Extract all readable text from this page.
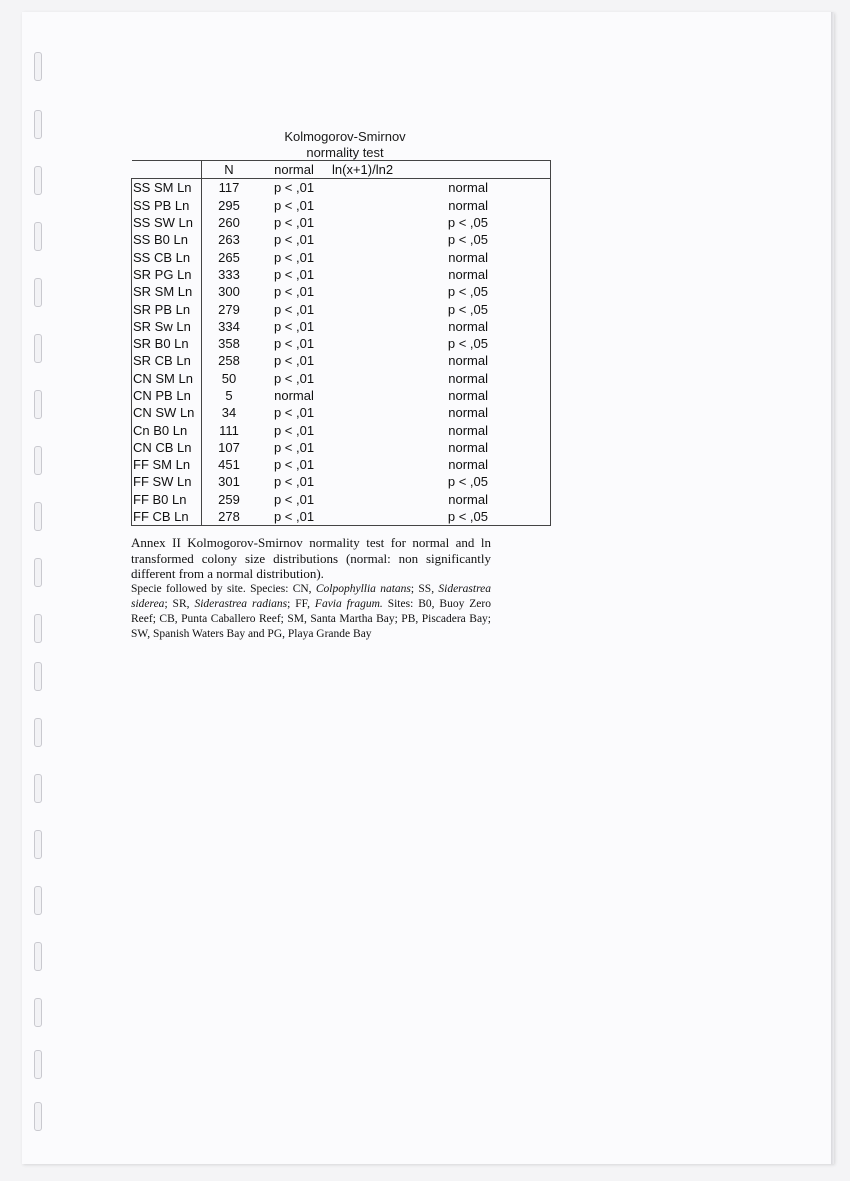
Kolmogorov-Smirnov
normality test
	N	normal	ln(x+1)/ln2
SS SM Ln	117	p < ,01	normal
SS PB Ln	295	p < ,01	normal
SS SW Ln	260	p < ,01	p < ,05
SS B0 Ln	263	p < ,01	p < ,05
SS CB Ln	265	p < ,01	normal
SR PG Ln	333	p < ,01	normal
SR SM Ln	300	p < ,01	p < ,05
SR PB Ln	279	p < ,01	p < ,05
SR Sw Ln	334	p < ,01	normal
SR B0 Ln	358	p < ,01	p < ,05
SR CB Ln	258	p < ,01	normal
CN SM Ln	50	p < ,01	normal
CN PB Ln	5	normal	normal
CN SW Ln	34	p < ,01	normal
Cn B0 Ln	111	p < ,01	normal
CN CB Ln	107	p < ,01	normal
FF SM Ln	451	p < ,01	normal
FF SW Ln	301	p < ,01	p < ,05
FF B0 Ln	259	p < ,01	normal
FF CB Ln	278	p < ,01	p < ,05
Annex II Kolmogorov-Smirnov normality test for normal and ln transformed colony size distributions (normal: non significantly different from a normal distribution).
Specie followed by site. Species: CN, Colpophyllia natans; SS, Siderastrea siderea; SR, Siderastrea radians; FF, Favia fragum. Sites: B0, Buoy Zero Reef; CB, Punta Caballero Reef; SM, Santa Martha Bay; PB, Piscadera Bay; SW, Spanish Waters Bay and PG, Playa Grande Bay
